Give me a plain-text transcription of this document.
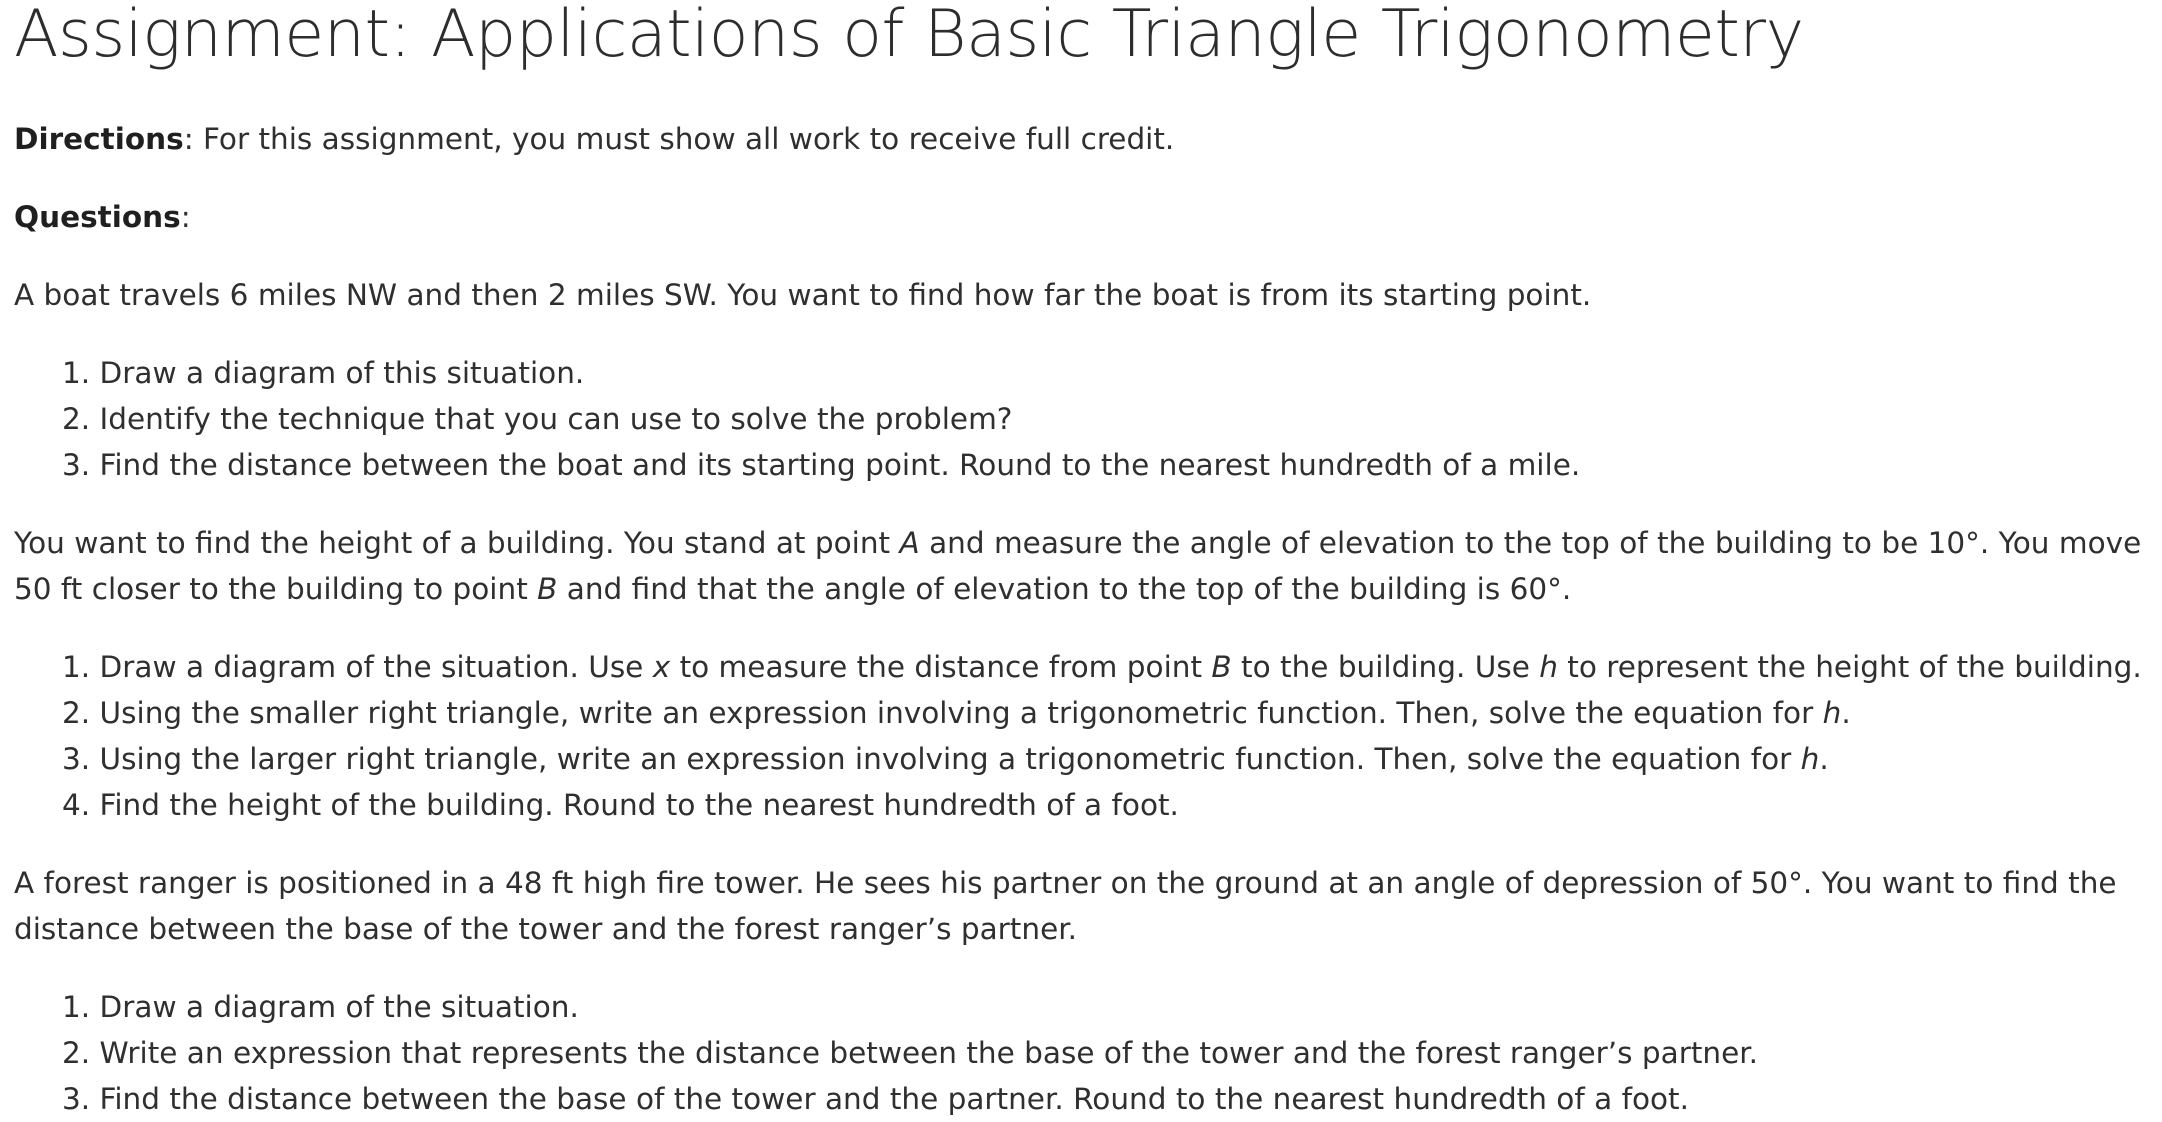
Assignment: Applications of Basic Triangle Trigonometry

Directions: For this assignment, you must show all work to receive full credit.

Questions:

A boat travels 6 miles NW and then 2 miles SW. You want to find how far the boat is from its starting point.

1. Draw a diagram of this situation.
2. Identify the technique that you can use to solve the problem?
3. Find the distance between the boat and its starting point. Round to the nearest hundredth of a mile.

You want to find the height of a building. You stand at point A and measure the angle of elevation to the top of the building to be 10°. You move 50 ft closer to the building to point B and find that the angle of elevation to the top of the building is 60°.

1. Draw a diagram of the situation. Use x to measure the distance from point B to the building. Use h to represent the height of the building.
2. Using the smaller right triangle, write an expression involving a trigonometric function. Then, solve the equation for h.
3. Using the larger right triangle, write an expression involving a trigonometric function. Then, solve the equation for h.
4. Find the height of the building. Round to the nearest hundredth of a foot.

A forest ranger is positioned in a 48 ft high fire tower. He sees his partner on the ground at an angle of depression of 50°. You want to find the distance between the base of the tower and the forest ranger’s partner.

1. Draw a diagram of the situation.
2. Write an expression that represents the distance between the base of the tower and the forest ranger’s partner.
3. Find the distance between the base of the tower and the partner. Round to the nearest hundredth of a foot.
